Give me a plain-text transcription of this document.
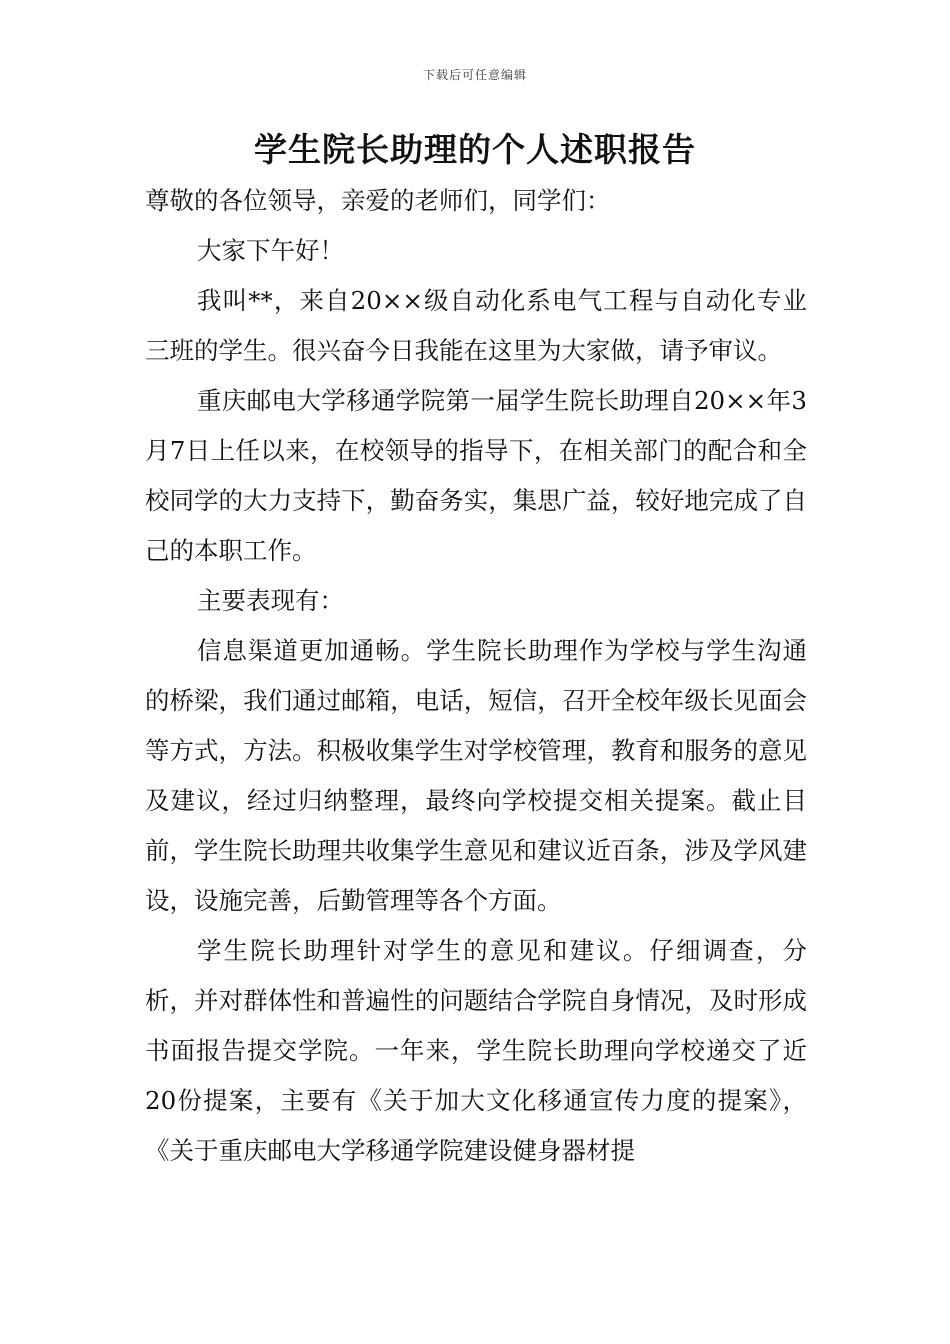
下载后可任意编辑
学生院长助理的个人述职报告

尊敬的各位领导，亲爱的老师们，同学们：

大家下午好！

我叫**，来自20××级自动化系电气工程与自动化专业三班的学生。很兴奋今日我能在这里为大家做，请予审议。

重庆邮电大学移通学院第一届学生院长助理自20××年3月7日上任以来，在校领导的指导下，在相关部门的配合和全校同学的大力支持下，勤奋务实，集思广益，较好地完成了自己的本职工作。

主要表现有：

信息渠道更加通畅。学生院长助理作为学校与学生沟通的桥梁，我们通过邮箱，电话，短信，召开全校年级长见面会等方式，方法。积极收集学生对学校管理，教育和服务的意见及建议，经过归纳整理，最终向学校提交相关提案。截止目前，学生院长助理共收集学生意见和建议近百条，涉及学风建设，设施完善，后勤管理等各个方面。

学生院长助理针对学生的意见和建议。仔细调查，分析，并对群体性和普遍性的问题结合学院自身情况，及时形成书面报告提交学院。一年来，学生院长助理向学校递交了近20份提案，主要有《关于加大文化移通宣传力度的提案》，《关于重庆邮电大学移通学院建设健身器材提
